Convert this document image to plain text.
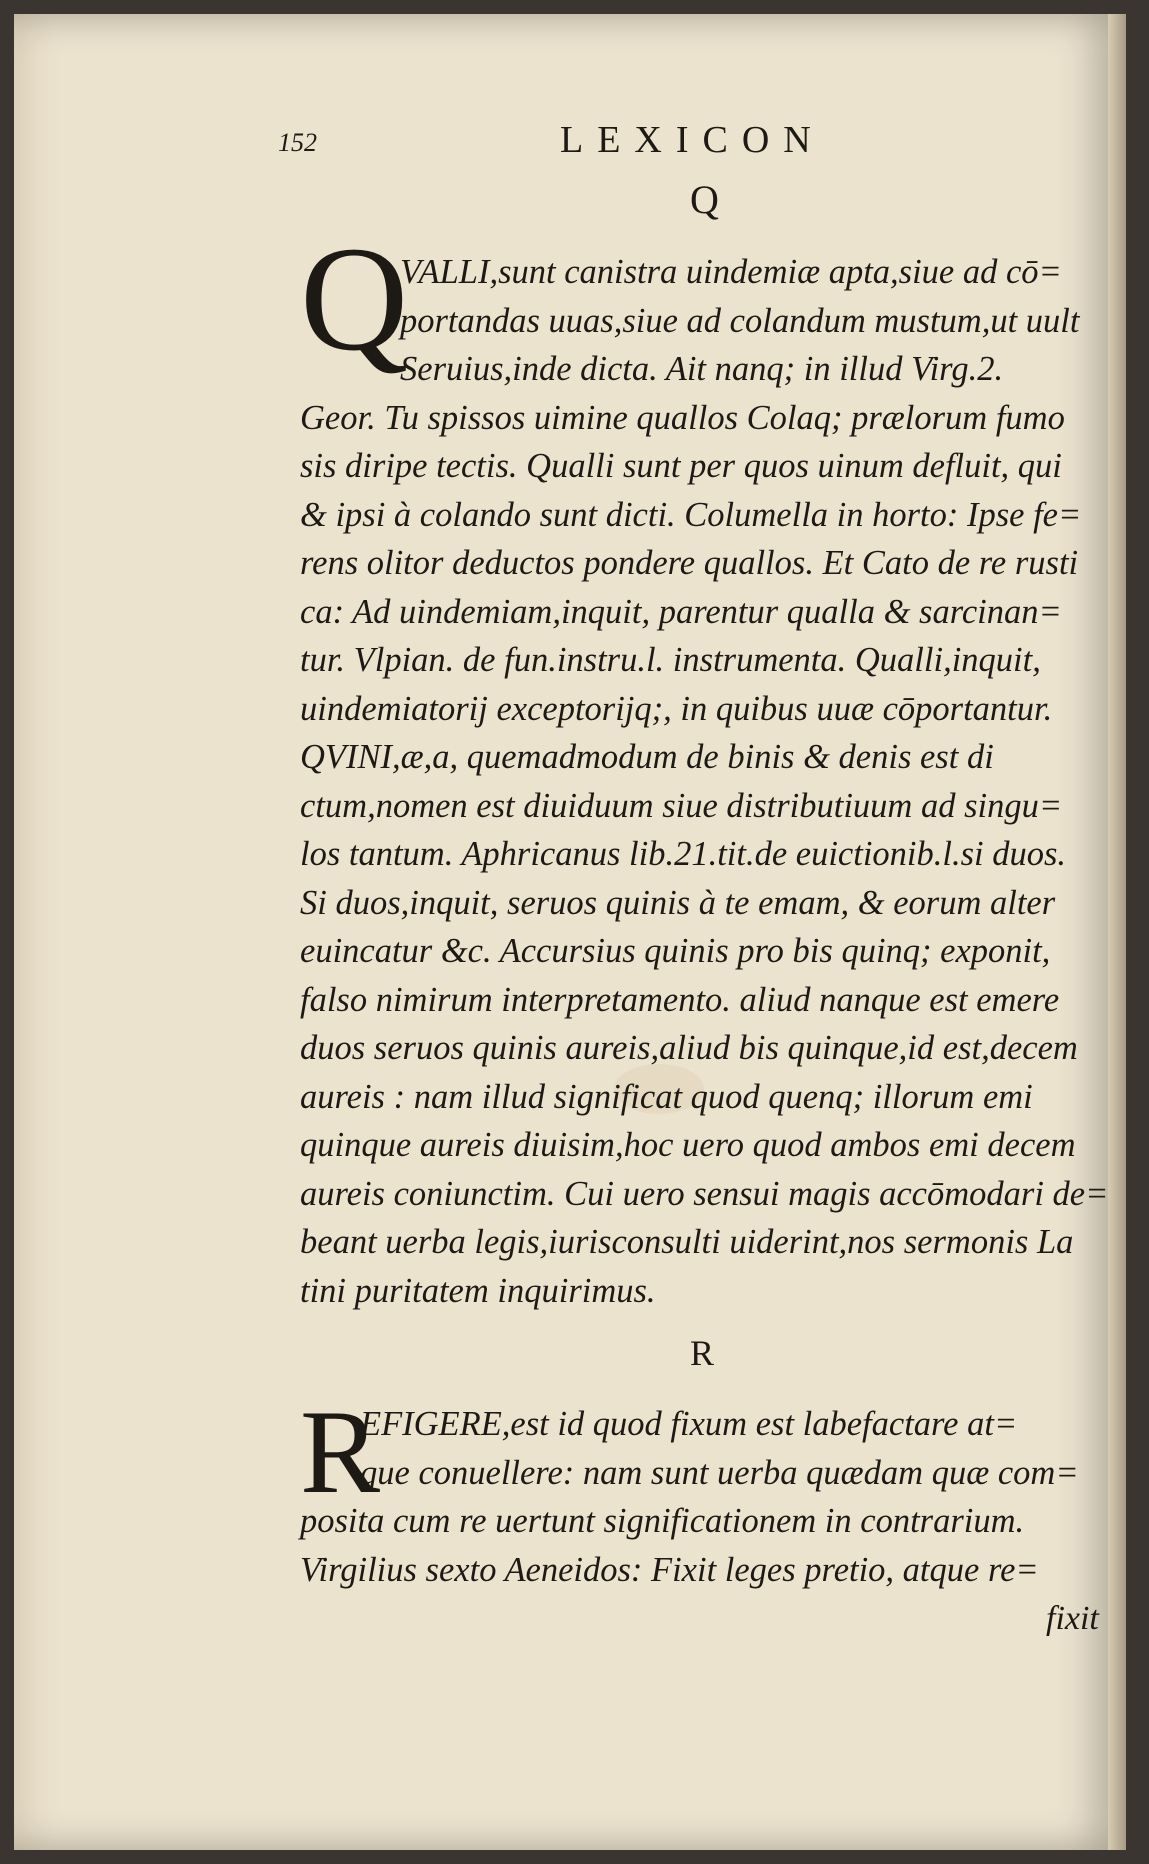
152	LEXICON
Q
Q
VALLI,sunt canistra uindemiæ apta,siue ad cō=
portandas uuas,siue ad colandum mustum,ut uult
Seruius,inde dicta. Ait nanq; in illud Virg.2.
Geor. Tu spissos uimine quallos Colaq; prælorum fumo
sis diripe tectis. Qualli sunt per quos uinum defluit, qui
& ipsi à colando sunt dicti. Columella in horto: Ipse fe=
rens olitor deductos pondere quallos. Et Cato de re rusti
ca: Ad uindemiam,inquit, parentur qualla & sarcinan=
tur. Vlpian. de fun.instru.l. instrumenta. Qualli,inquit,
uindemiatorij exceptorijq;, in quibus uuæ cōportantur.
QVINI,æ,a, quemadmodum de binis & denis est di
ctum,nomen est diuiduum siue distributiuum ad singu=
los tantum. Aphricanus lib.21.tit.de euictionib.l.si duos.
Si duos,inquit, seruos quinis à te emam, & eorum alter
euincatur &c. Accursius quinis pro bis quinq; exponit,
falso nimirum interpretamento. aliud nanque est emere
duos seruos quinis aureis,aliud bis quinque,id est,decem
aureis : nam illud significat quod quenq; illorum emi
quinque aureis diuisim,hoc uero quod ambos emi decem
aureis coniunctim. Cui uero sensui magis accōmodari de=
beant uerba legis,iurisconsulti uiderint,nos sermonis La
tini puritatem inquirimus.
R
R
EFIGERE,est id quod fixum est labefactare at=
que conuellere: nam sunt uerba quædam quæ com=
posita cum re uertunt significationem in contrarium.
Virgilius sexto Aeneidos: Fixit leges pretio, atque re=
fixit
